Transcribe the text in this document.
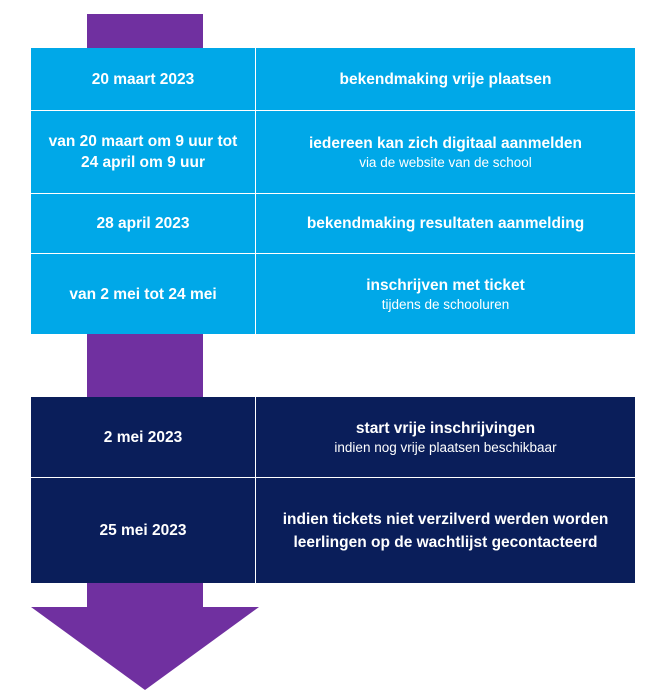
20 maart 2023	bekendmaking vrije plaatsen
van 20 maart om 9 uur tot 24 april om 9 uur
iedereen kan zich digitaal aanmelden
via de website van de school
28 april 2023	bekendmaking resultaten aanmelding
van 2 mei tot 24 mei
inschrijven met ticket
tijdens de schooluren
2 mei 2023
start vrije inschrijvingen
indien nog vrije plaatsen beschikbaar
25 mei 2023
indien tickets niet verzilverd werden worden leerlingen op de wachtlijst gecontacteerd
